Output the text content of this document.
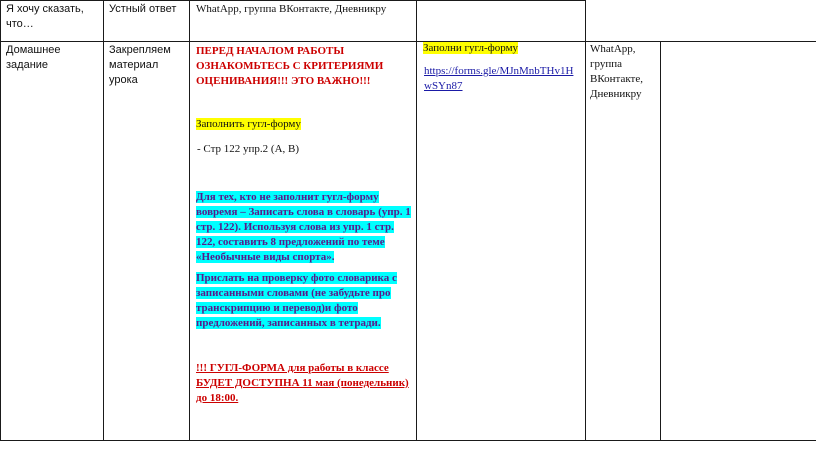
Я хочу сказать, что…
Устный ответ	WhatApp, группа ВКонтакте, Дневникру
Домашнее задание
Закрепляем материал урока
ПЕРЕД НАЧАЛОМ РАБОТЫ ОЗНАКОМЬТЕСЬ С КРИТЕРИЯМИ ОЦЕНИВАНИЯ!!! ЭТО ВАЖНО!!!
Заполнить гугл-форму
- Стр 122 упр.2 (A, B)
Для тех, кто не заполнит гугл-форму вовремя – Записать слова в словарь (упр. 1 стр. 122). Используя слова из упр. 1 стр. 122, составить 8 предложений по теме «Необычные виды спорта».
Прислать на проверку фото словарика с записанными словами (не забудьте про транскрипцию и перевод)и фото предложений, записанных в тетради.
!!! ГУГЛ-ФОРМА для работы в классе БУДЕТ ДОСТУПНА 11 мая (понедельник) до 18:00.
Заполни гугл-форму
https://forms.gle/MJnMnbTHv1HwSYn87
WhatApp, группа ВКонтакте, Дневникру
